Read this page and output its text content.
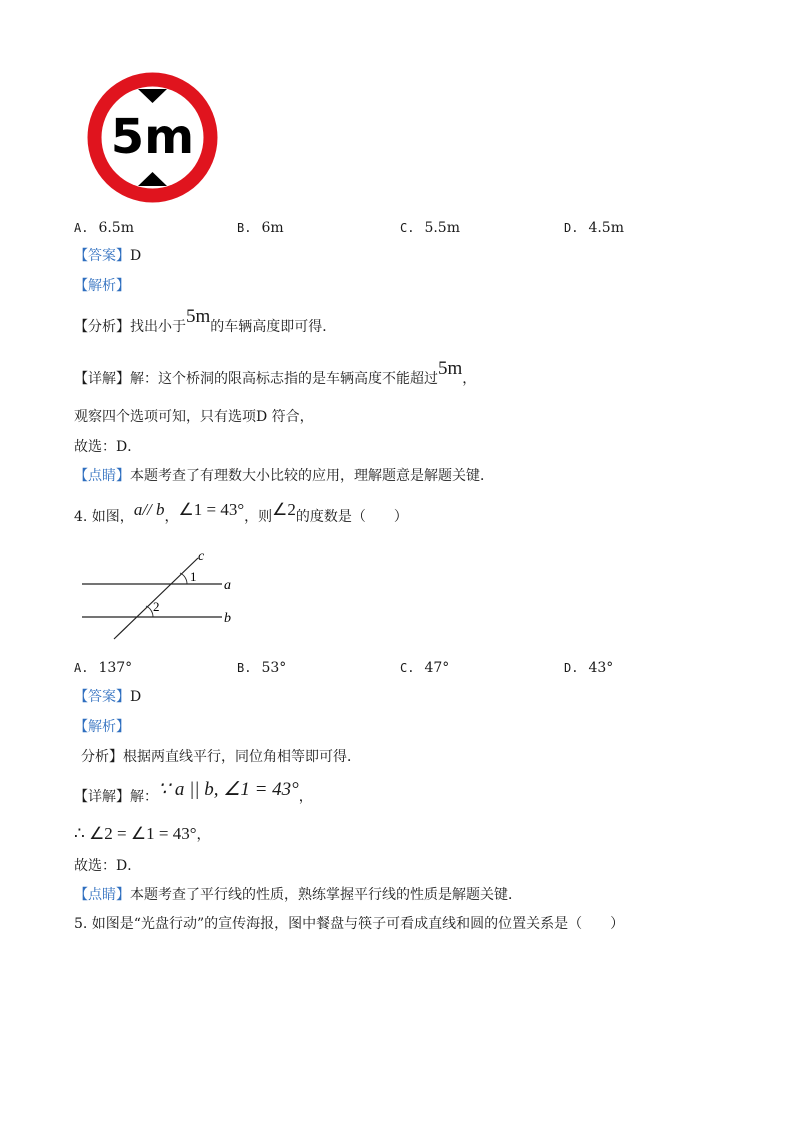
5m
A. 6.5m	B. 6m	C. 5.5m	D. 4.5m
【答案】D
【解析】
【分析】找出小于5m的车辆高度即可得．
【详解】解：这个桥洞的限高标志指的是车辆高度不能超过5m，
观察四个选项可知，只有选项D 符合，
故选：D．
【点睛】本题考查了有理数大小比较的应用，理解题意是解题关键．
4. 如图，a// b，∠1 = 43°，则∠2的度数是（　　）
c
1
a
2
b
A. 137°	B. 53°	C. 47°	D. 43°
【答案】D
【解析】
分析】根据两直线平行，同位角相等即可得．
【详解】解：∵ a || b, ∠1 = 43°，
∴ ∠2 = ∠1 = 43°，
故选：D．
【点睛】本题考查了平行线的性质，熟练掌握平行线的性质是解题关键．
5. 如图是“光盘行动”的宣传海报，图中餐盘与筷子可看成直线和圆的位置关系是（　　）
